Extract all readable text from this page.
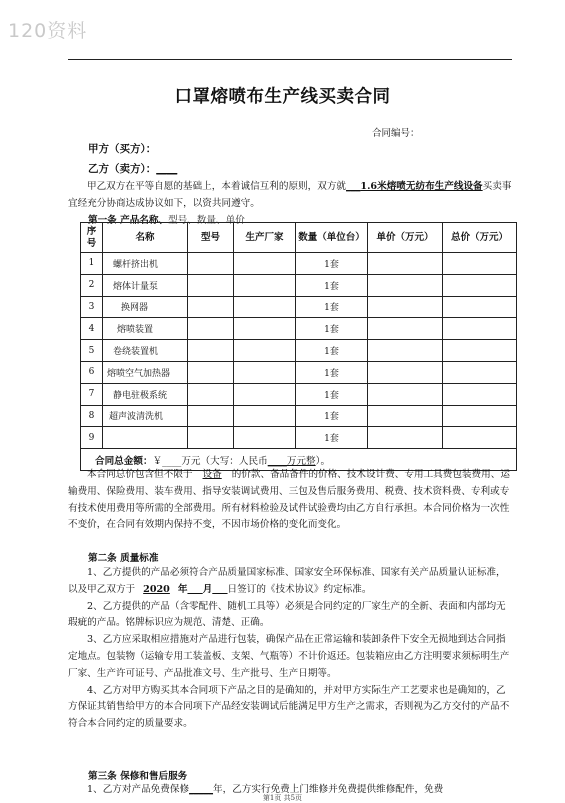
120资料
口罩熔喷布生产线买卖合同
合同编号：
甲方（买方）：
乙方（卖方）：____

甲乙双方在平等自愿的基础上，本着诚信互利的原则，双方就___1.6米熔喷无纺布生产线设备买卖事宜经充分协商达成协议如下，以资共同遵守。

第一条 产品名称、型号、数量、单价
序号	名称	型号	生产厂家	数量（单位台）	单价（万元）	总价（万元）
1	螺杆挤出机			1套		
2	熔体计量泵			1套		
3	换网器			1套		
4	熔喷装置			1套		
5	卷绕装置机			1套		
6	熔喷空气加热器			1套		
7	静电驻极系统			1套		
8	超声波清洗机			1套		
9				1套		
合同总金额：￥____万元（大写：人民币____万元整）。						

本合同总价包含但不限于 设备 的价款、备品备件的价格、技术设计费、专用工具费包装费用、运输费用、保险费用、装车费用、指导安装调试费用、三包及售后服务费用、税费、技术资料费、专利或专有技术使用费用等所需的全部费用。所有材料检验及试件试验费均由乙方自行承担。本合同价格为一次性不变价，在合同有效期内保持不变，不因市场价格的变化而变化。

第二条 质量标准

1、乙方提供的产品必须符合产品质量国家标准、国家安全环保标准、国家有关产品质量认证标准，以及甲乙双方于 2020 年 月 日签订的《技术协议》约定标准。

2、乙方提供的产品（含零配件、随机工具等）必须是合同约定的厂家生产的全新、表面和内部均无瑕疵的产品。铭牌标识应为规范、清楚、正确。

3、乙方应采取相应措施对产品进行包装，确保产品在正常运输和装卸条件下安全无损地到达合同指定地点。包装物（运输专用工装盖板、支架、气瓶等）不计价返还。包装箱应由乙方注明要求须标明生产厂家、生产许可证号、产品批准文号、生产批号、生产日期等。

4、乙方对甲方购买其本合同项下产品之目的是确知的，并对甲方实际生产工艺要求也是确知的，乙方保证其销售给甲方的本合同项下产品经安装调试后能满足甲方生产之需求，否则视为乙方交付的产品不符合本合同约定的质量要求。

第三条 保修和售后服务

1、乙方对产品免费保修_____年，乙方实行免费上门维修并免费提供维修配件，免费

第1页 共5页
